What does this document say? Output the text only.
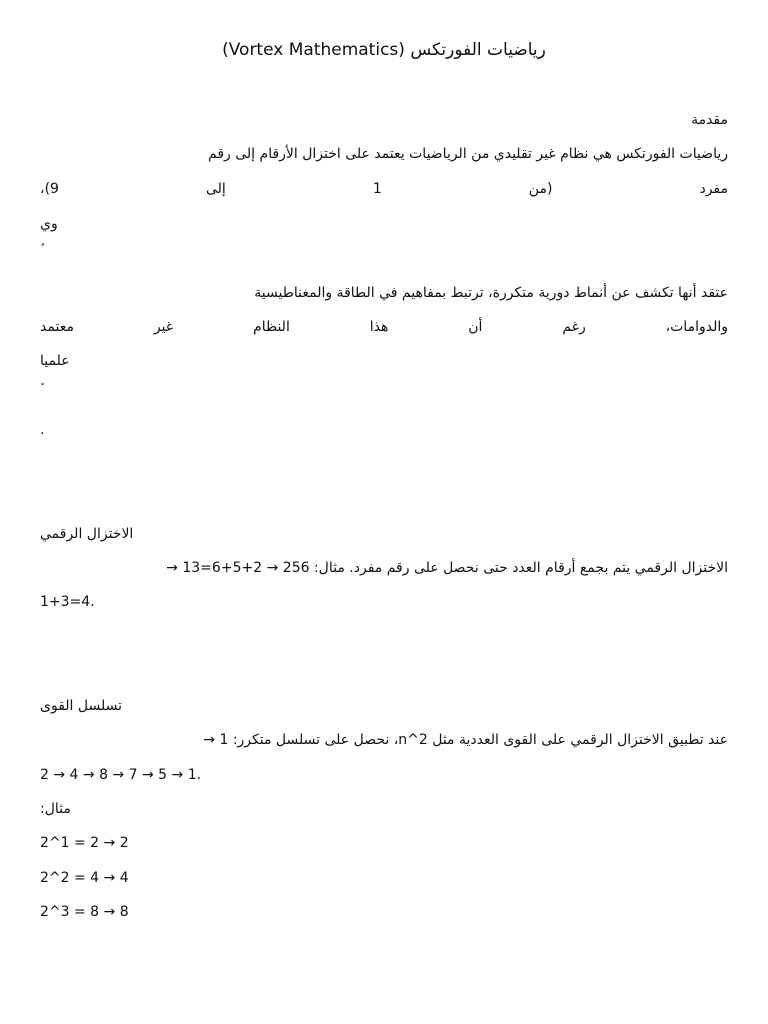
رياضيات الفورتكس (Vortex Mathematics)

مقدمة

رياضيات الفورتكس هي نظام غير تقليدي من الرياضيات يعتمد على اختزال الأرقام إلى رقم

مفرد
(من
1
إلى
9)،

وي

عتقد أنها تكشف عن أنماط دورية متكررة، ترتبط بمفاهيم في الطاقة والمغناطيسية

والدوامات،
رغم
أن
هذا
النظام
غير
معتمد

علميا

.

الاختزال الرقمي

الاختزال الرقمي يتم بجمع أرقام العدد حتى نحصل على رقم مفرد. مثال: 256 → 2+5+6=13 →

1+3=4.

تسلسل القوى

عند تطبيق الاختزال الرقمي على القوى العددية مثل 2^n، نحصل على تسلسل متكرر: 1 →

2 → 4 → 8 → 7 → 5 → 1.

مثال:

2^1 = 2 → 2

2^2 = 4 → 4

2^3 = 8 → 8
